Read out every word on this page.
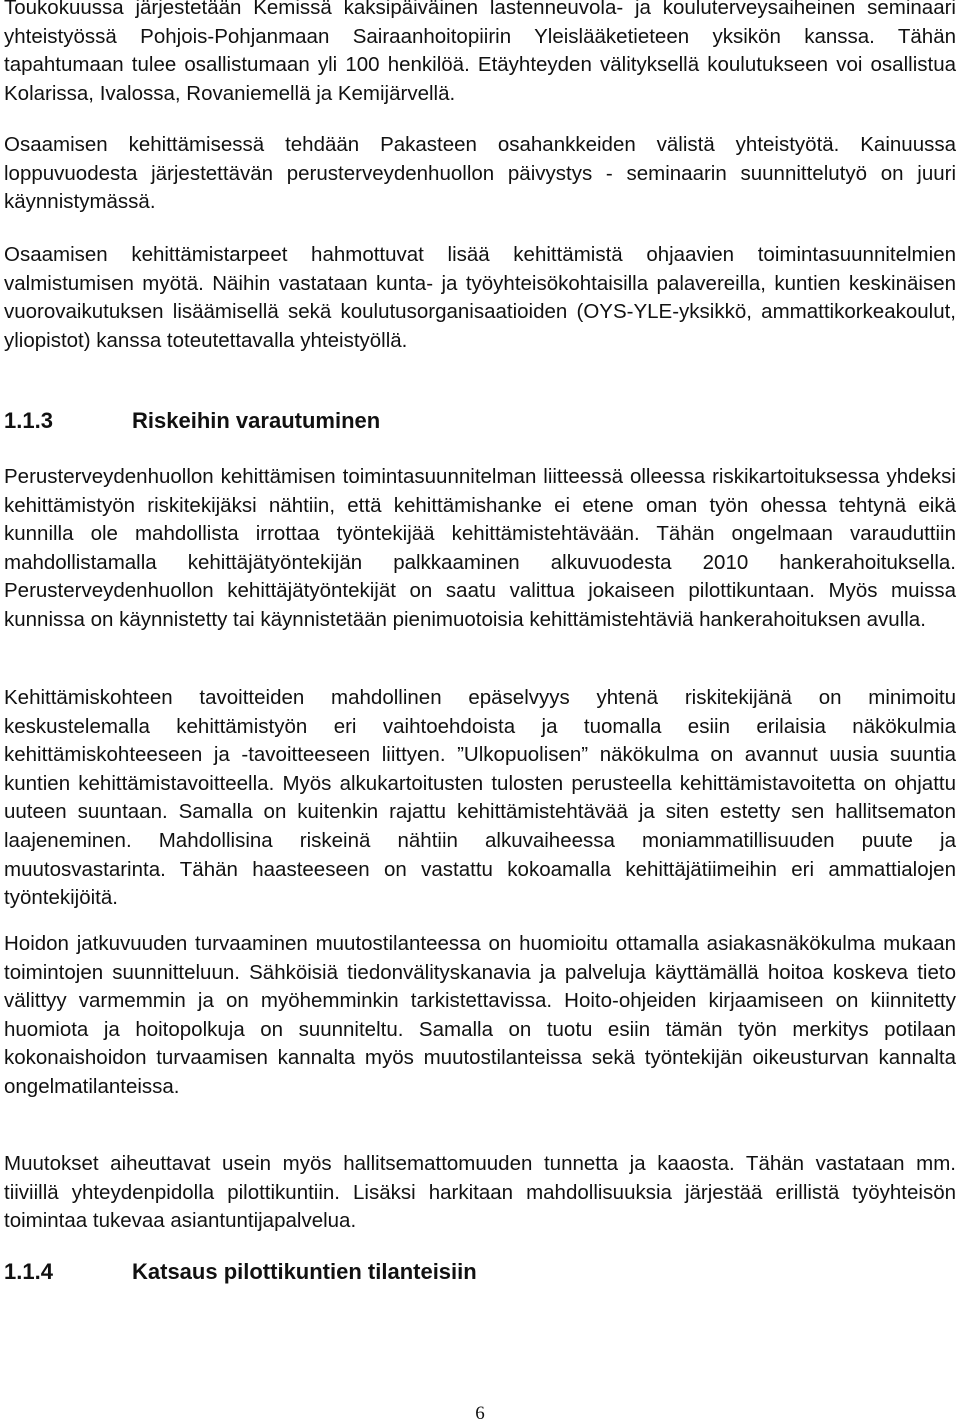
Toukokuussa järjestetään Kemissä kaksipäiväinen lastenneuvola- ja kouluterveysaiheinen seminaari yhteistyössä Pohjois-Pohjanmaan Sairaanhoitopiirin Yleislääketieteen yksikön kanssa. Tähän tapahtumaan tulee osallistumaan yli 100 henkilöä. Etäyhteyden välityksellä koulutukseen voi osallistua Kolarissa, Ivalossa, Rovaniemellä ja Kemijärvellä.

Osaamisen kehittämisessä tehdään Pakasteen osahankkeiden välistä yhteistyötä. Kainuussa loppuvuodesta järjestettävän perusterveydenhuollon päivystys - seminaarin suunnittelutyö on juuri käynnistymässä.

Osaamisen kehittämistarpeet hahmottuvat lisää kehittämistä ohjaavien toimintasuunnitelmien valmistumisen myötä. Näihin vastataan kunta- ja työyhteisökohtaisilla palavereilla, kuntien keskinäisen vuorovaikutuksen lisäämisellä sekä koulutusorganisaatioiden (OYS-YLE-yksikkö, ammattikorkeakoulut, yliopistot) kanssa toteutettavalla yhteistyöllä.

Perusterveydenhuollon kehittämisen toimintasuunnitelman liitteessä olleessa riskikartoituksessa yhdeksi kehittämistyön riskitekijäksi nähtiin, että kehittämishanke ei etene oman työn ohessa tehtynä eikä kunnilla ole mahdollista irrottaa työntekijää kehittämistehtävään. Tähän ongelmaan varauduttiin mahdollistamalla kehittäjätyöntekijän palkkaaminen alkuvuodesta 2010 hankerahoituksella. Perusterveydenhuollon kehittäjätyöntekijät on saatu valittua jokaiseen pilottikuntaan. Myös muissa kunnissa on käynnistetty tai käynnistetään pienimuotoisia kehittämistehtäviä hankerahoituksen avulla.

Kehittämiskohteen tavoitteiden mahdollinen epäselvyys yhtenä riskitekijänä on minimoitu keskustelemalla kehittämistyön eri vaihtoehdoista ja tuomalla esiin erilaisia näkökulmia kehittämiskohteeseen ja -tavoitteeseen liittyen. ”Ulkopuolisen” näkökulma on avannut uusia suuntia kuntien kehittämistavoitteella. Myös alkukartoitusten tulosten perusteella kehittämistavoitetta on ohjattu uuteen suuntaan. Samalla on kuitenkin rajattu kehittämistehtävää ja siten estetty sen hallitsematon laajeneminen. Mahdollisina riskeinä nähtiin alkuvaiheessa moniammatillisuuden puute ja muutosvastarinta. Tähän haasteeseen on vastattu kokoamalla kehittäjätiimeihin eri ammattialojen työntekijöitä.

Hoidon jatkuvuuden turvaaminen muutostilanteessa on huomioitu ottamalla asiakasnäkökulma mukaan toimintojen suunnitteluun. Sähköisiä tiedonvälityskanavia ja palveluja käyttämällä hoitoa koskeva tieto välittyy varmemmin ja on myöhemminkin tarkistettavissa. Hoito-ohjeiden kirjaamiseen on kiinnitetty huomiota ja hoitopolkuja on suunniteltu. Samalla on tuotu esiin tämän työn merkitys potilaan kokonaishoidon turvaamisen kannalta myös muutostilanteissa sekä työntekijän oikeusturvan kannalta ongelmatilanteissa.

Muutokset aiheuttavat usein myös hallitsemattomuuden tunnetta ja kaaosta. Tähän vastataan mm. tiiviillä yhteydenpidolla pilottikuntiin. Lisäksi harkitaan mahdollisuuksia järjestää erillistä työyhteisön toimintaa tukevaa asiantuntijapalvelua.

1.1.3	Riskeihin varautuminen
1.1.4	Katsaus pilottikuntien tilanteisiin
6
